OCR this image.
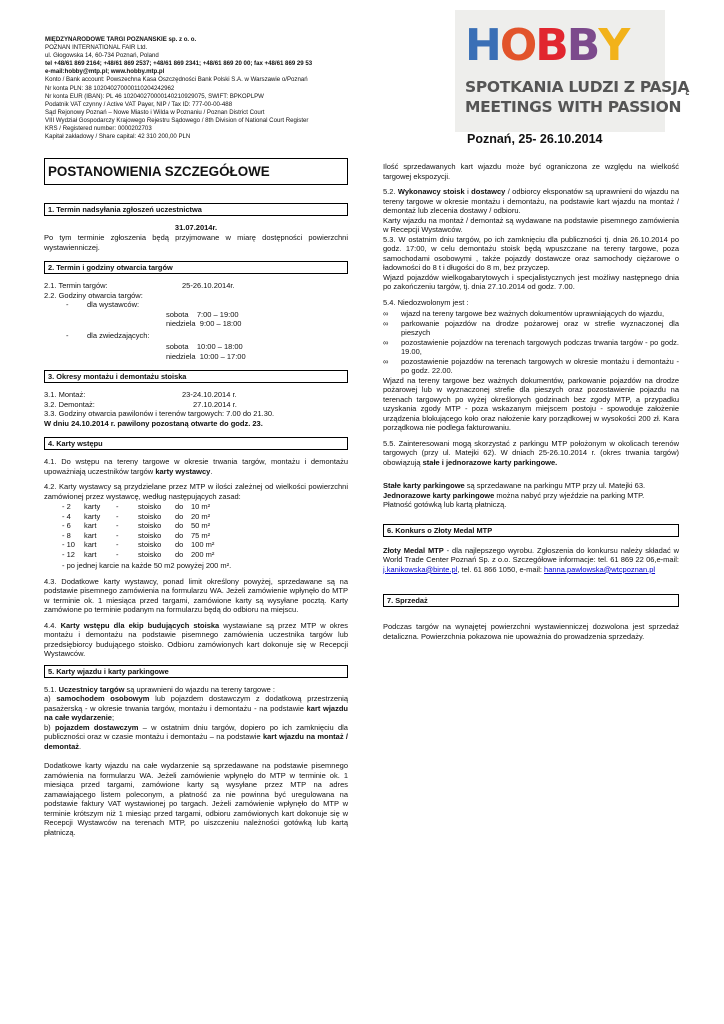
MIĘDZYNARODOWE TARGI POZNAŃSKIE sp. z o. o.
POZNAŃ INTERNATIONAL FAIR Ltd.
ul. Głogowska 14, 60-734 Poznań, Poland
tel +48/61 869 2164; +48/61 869 2537; +48/61 869 2341; +48/61 869 20 00; fax +48/61 869 29 53
e-mail:hobby@mtp.pl; www.hobby.mtp.pl
Konto / Bank account: Powszechna Kasa Oszczędności Bank Polski S.A. w Warszawie o/Poznań
Nr konta PLN: 38 102040270000110204242962
Nr konta EUR (IBAN): PL 46 102040270000140210929075, SWIFT: BPKOPLPW
Podatnik VAT czynny / Active VAT Payer, NIP / Tax ID: 777-00-00-488
Sąd Rejonowy Poznań – Nowe Miasto i Wilda w Poznaniu / Poznan District Court
VIII Wydział Gospodarczy Krajowego Rejestru Sądowego / 8th Division of National Court Register
KRS / Registered number: 0000202703
Kapitał zakładowy / Share capital: 42 310 200,00 PLN
H O B B Y
SPOTKANIA LUDZI Z PASJĄ
MEETINGS WITH PASSION
Poznań, 25- 26.10.2014
POSTANOWIENIA SZCZEGÓŁOWE
1. Termin nadsyłania zgłoszeń uczestnictwa
31.07.2014r.

Po tym terminie zgłoszenia będą przyjmowane w miarę dostępności powierzchni wystawienniczej.

2. Termin i godziny otwarcia targów
2.1. Termin targów:	25-26.10.2014r.
2.2. Godziny otwarcia targów:
-	dla wystawców:
sobota    7:00 – 19:00
niedziela  9:00 – 18:00
-	dla zwiedzających:
sobota    10:00 – 18:00
niedziela  10:00 – 17:00
3. Okresy montażu i demontażu stoiska
3.1. Montaż:	23-24.10.2014 r.
3.2. Demontaż:	27.10.2014 r.
3.3. Godziny otwarcia pawilonów i terenów targowych: 7.00 do 21.30.
W dniu 24.10.2014 r. pawilony pozostaną otwarte do godz. 23.
4. Karty wstępu

4.1. Do wstępu na tereny targowe w okresie trwania targów, montażu i demontażu upoważniają uczestników targów karty wystawcy.

4.2. Karty wystawcy są przydzielane przez MTP w ilości zależnej od wielkości powierzchni zamówionej przez wystawcę, według następujących zasad:

- 2	karty	-	stoisko	do	10 m²
- 4	karty	-	stoisko	do	20 m²
- 6	kart	-	stoisko	do	50 m²
- 8	kart	-	stoisko	do	75 m²
- 10	kart	-	stoisko	do	100 m²
- 12	kart	-	stoisko	do	200 m²
- po jednej karcie na każde 50 m2 powyżej 200 m².

4.3. Dodatkowe karty wystawcy, ponad limit określony powyżej, sprzedawane są na podstawie pisemnego zamówienia na formularzu WA. Jeżeli zamówienie wpłynęło do MTP w terminie ok. 1 miesiąca przed targami, zamówione karty są wysyłane pocztą. Karty zamówione po terminie podanym na formularzu będą do odbioru na miejscu.

4.4. Karty wstępu dla ekip budujących stoiska wystawiane są przez MTP w okres montażu i demontażu na podstawie pisemnego zamówienia uczestnika targów lub przedsiębiorcy budującego stoisko. Odbioru zamówionych kart dokonuje się w Recepcji Wystawców.

5. Karty wjazdu i karty parkingowe

5.1. Uczestnicy targów są uprawnieni do wjazdu na tereny targowe :
a) samochodem osobowym lub pojazdem dostawczym z dodatkową przestrzenią pasażerską - w okresie trwania targów, montażu i demontażu - na podstawie kart wjazdu na całe wydarzenie;
b) pojazdem dostawczym – w ostatnim dniu targów, dopiero po ich zamknięciu dla publiczności oraz w czasie montażu i demontażu – na podstawie kart wjazdu na montaż / demontaż.

Dodatkowe karty wjazdu na całe wydarzenie są sprzedawane na podstawie pisemnego zamówienia na formularzu WA. Jeżeli zamówienie wpłynęło do MTP w terminie ok. 1 miesiąca przed targami, zamówione karty są wysyłane przez MTP na adres zamawiającego listem poleconym, a płatność za nie powinna być uregulowana na podstawie faktury VAT wystawionej po targach. Jeżeli zamówienie wpłynęło do MTP w terminie krótszym niż 1 miesiąc przed targami, odbioru zamówionych kart dokonuje się w Recepcji Wystawców na terenach MTP, po uiszczeniu należności gotówką lub kartą płatniczą.

Ilość sprzedawanych kart wjazdu może być ograniczona ze względu na wielkość targowej ekspozycji.

5.2. Wykonawcy stoisk i dostawcy / odbiorcy eksponatów są uprawnieni do wjazdu na tereny targowe w okresie montażu i demontażu, na podstawie kart wjazdu na montaż / demontaż lub zlecenia dostawy / odbioru.

Karty wjazdu na montaż / demontaż są wydawane na podstawie pisemnego zamówienia w Recepcji Wystawców.

5.3. W ostatnim dniu targów, po ich zamknięciu dla publiczności tj. dnia 26.10.2014 po godz. 17:00, w celu demontażu stoisk będą wpuszczane na tereny targowe, poza samochodami osobowymi , także pojazdy dostawcze oraz samochody ciężarowe o ładowności do 8 t i długości do 8 m, bez przyczep.

Wjazd pojazdów wielkogabarytowych i specjalistycznych jest możliwy następnego dnia po zakończeniu targów, tj. dnia 27.10.2014 od godz. 7.00.

5.4. Niedozwolonym jest :

∞	wjazd na tereny targowe bez ważnych dokumentów uprawniających do wjazdu,
∞	parkowanie pojazdów na drodze pożarowej oraz w strefie wyznaczonej dla pieszych
∞	pozostawienie pojazdów na terenach targowych podczas trwania targów - po godz. 19.00,
∞	pozostawienie pojazdów na terenach targowych w okresie montażu i demontażu - po godz. 22.00.

Wjazd na tereny targowe bez ważnych dokumentów, parkowanie pojazdów na drodze pożarowej lub w wyznaczonej strefie dla pieszych oraz pozostawienie pojazdu na terenach targowych po wyżej określonych godzinach bez zgody MTP, a przypadku uzyskania zgody MTP - poza wskazanym miejscem postoju - spowoduje założenie urządzenia blokującego koło oraz nałożenie kary porządkowej w wysokości 200 zł. Kara porządkowa nie podlega fakturowaniu.

5.5. Zainteresowani mogą skorzystać z parkingu MTP położonym w okolicach terenów targowych (przy ul. Matejki 62). W dniach 25-26.10.2014 r. (okres trwania targów) obowiązują stałe i jednorazowe karty parkingowe.

Stałe karty parkingowe są sprzedawane na parkingu MTP przy ul. Matejki 63.

Jednorazowe karty parkingowe można nabyć przy wjeździe na parking MTP.

Płatność gotówką lub kartą płatniczą.

6. Konkurs o Złoty Medal MTP

Złoty Medal MTP - dla najlepszego wyrobu. Zgłoszenia do konkursu należy składać w World Trade Center Poznań Sp. z o.o. Szczegółowe informacje: tel. 61 869 22 06,e-mail: j.kanikowska@binte.pl, tel. 61 866 1050, e-mail: hanna.pawlowska@wtcpoznan.pl

7. Sprzedaż

Podczas targów na wynajętej powierzchni wystawienniczej dozwolona jest sprzedaż detaliczna. Powierzchnia pokazowa nie upoważnia do prowadzenia sprzedaży.
